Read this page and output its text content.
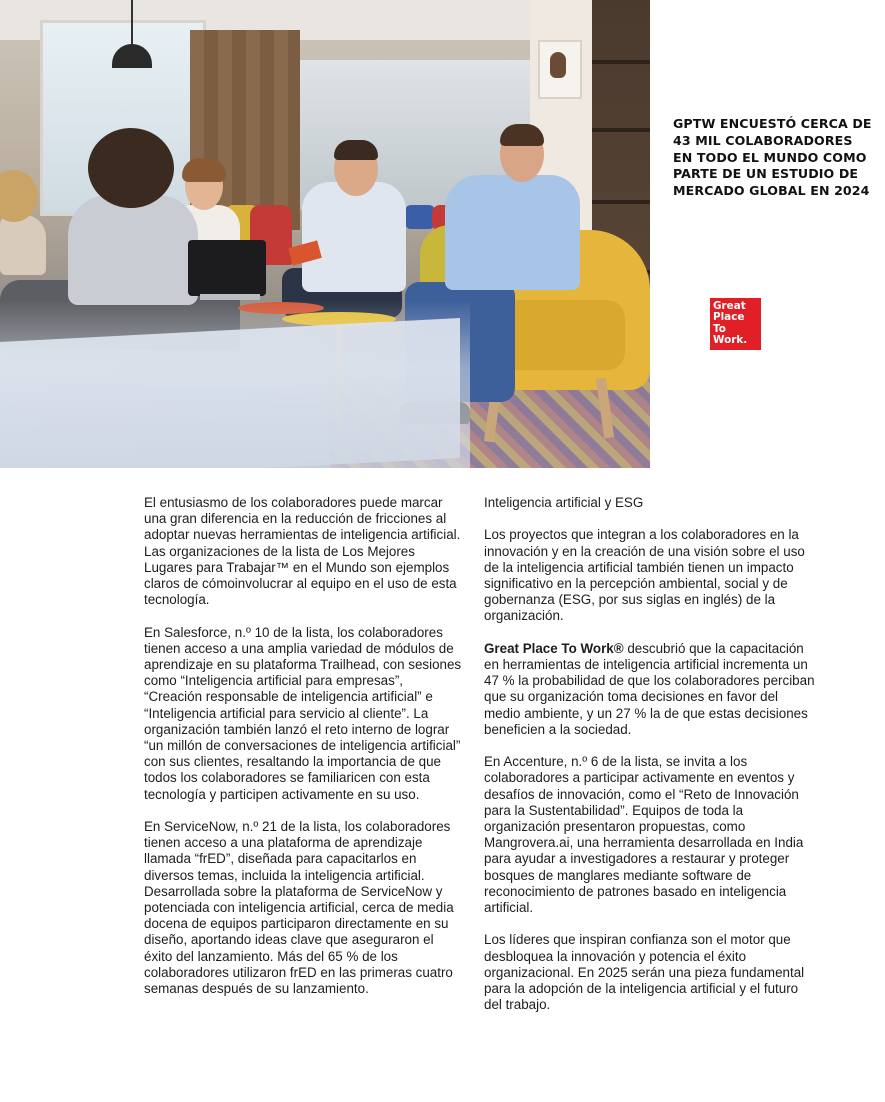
GPTW ENCUESTÓ CERCA DE 43 MIL COLABORADORES EN TODO EL MUNDO COMO PARTE DE UN ESTUDIO DE MERCADO GLOBAL EN 2024
Great
Place
To
Work.

El entusiasmo de los colaboradores puede marcar una gran diferencia en la reducción de fricciones al adoptar nuevas herramientas de inteligencia artificial. Las organizaciones de la lista de Los Mejores Lugares para Trabajar™ en el Mundo son ejemplos claros de cómoinvolucrar al equipo en el uso de esta tecnología.

En Salesforce, n.º 10 de la lista, los colaboradores tienen acceso a una amplia variedad de módulos de aprendizaje en su plataforma Trailhead, con sesiones como “Inteligencia artificial para empresas”, “Creación responsable de inteligencia artificial” e “Inteligencia artificial para servicio al cliente”. La organización también lanzó el reto interno de lograr “un millón de conversaciones de inteligencia artificial” con sus clientes, resaltando la importancia de que todos los colaboradores se familiaricen con esta tecnología y participen activamente en su uso.

En ServiceNow, n.º 21 de la lista, los colaboradores tienen acceso a una plataforma de aprendizaje llamada “frED”, diseñada para capacitarlos en diversos temas, incluida la inteligencia artificial. Desarrollada sobre la plataforma de ServiceNow y potenciada con inteligencia artificial, cerca de media docena de equipos participaron directamente en su diseño, aportando ideas clave que aseguraron el éxito del lanzamiento. Más del 65 % de los colaboradores utilizaron frED en las primeras cuatro semanas después de su lanzamiento.

Inteligencia artificial y ESG

Los proyectos que integran a los colaboradores en la innovación y en la creación de una visión sobre el uso de la inteligencia artificial también tienen un impacto significativo en la percepción ambiental, social y de gobernanza (ESG, por sus siglas en inglés) de la organización.

Great Place To Work® descubrió que la capacitación en herramientas de inteligencia artificial incrementa un 47 % la probabilidad de que los colaboradores perciban que su organización toma decisiones en favor del medio ambiente, y un 27 % la de que estas decisiones beneficien a la sociedad.

En Accenture, n.º 6 de la lista, se invita a los colaboradores a participar activamente en eventos y desafíos de innovación, como el “Reto de Innovación para la Sustentabilidad”. Equipos de toda la organización presentaron propuestas, como Mangrovera.ai, una herramienta desarrollada en India para ayudar a investigadores a restaurar y proteger bosques de manglares mediante software de reconocimiento de patrones basado en inteligencia artificial.

Los líderes que inspiran confianza son el motor que desbloquea la innovación y potencia el éxito organizacional. En 2025 serán una pieza fundamental para la adopción de la inteligencia artificial y el futuro del trabajo.
